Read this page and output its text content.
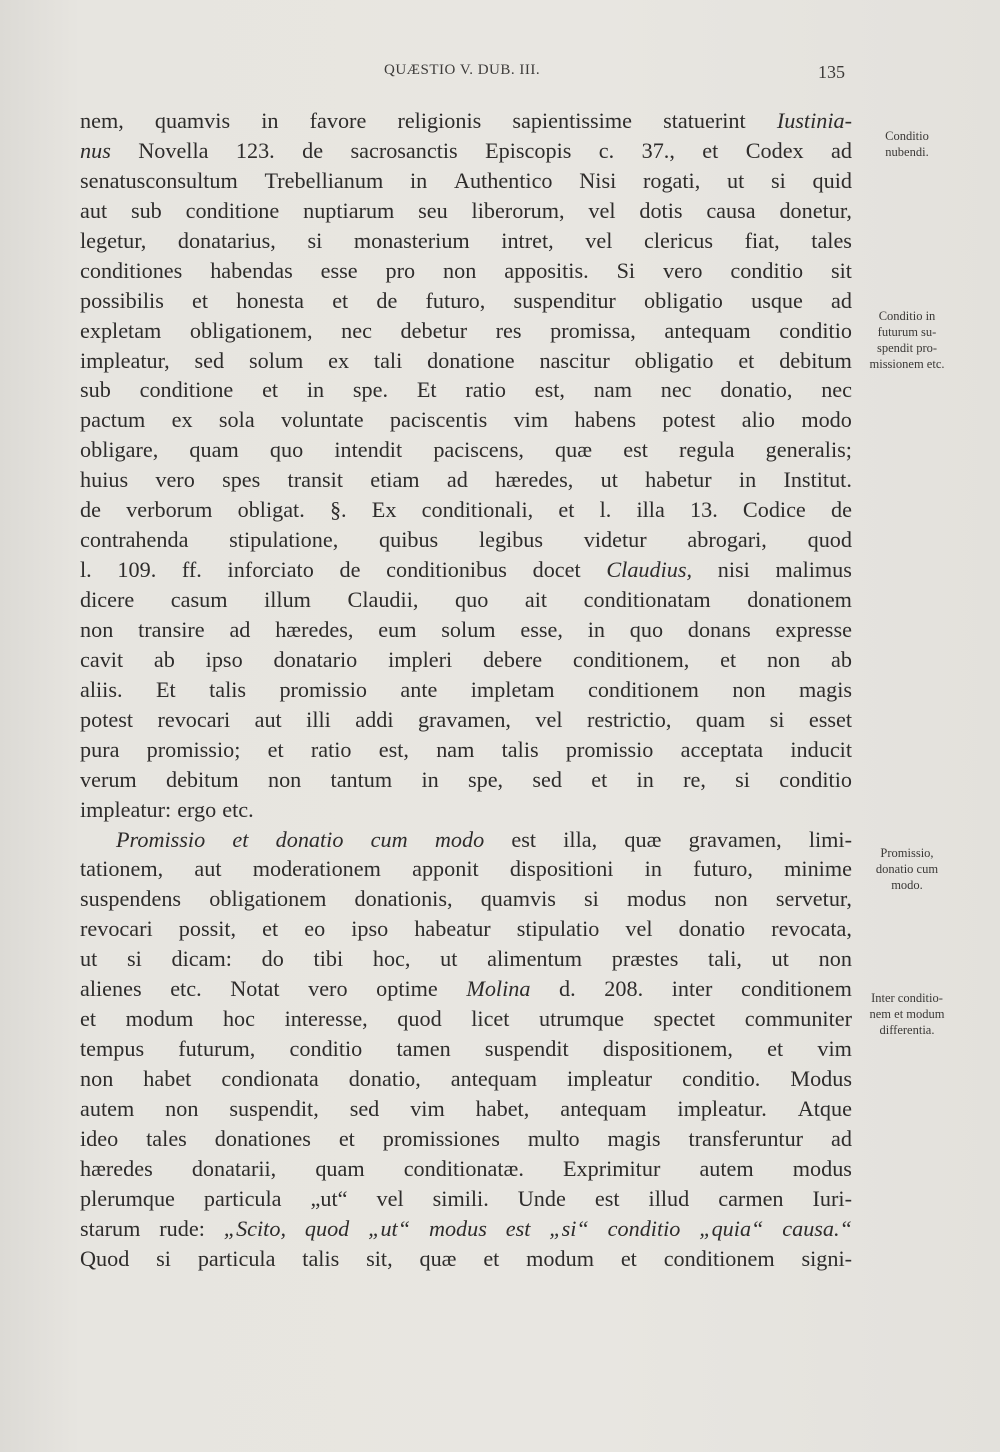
QUÆSTIO V. DUB. III.	135
nem, quamvis in favore religionis sapientissime statuerint Iustinia-
nus Novella 123. de sacrosanctis Episcopis c. 37., et Codex ad
senatusconsultum Trebellianum in Authentico Nisi rogati, ut si quid
aut sub conditione nuptiarum seu liberorum, vel dotis causa donetur,
legetur, donatarius, si monasterium intret, vel clericus fiat, tales
conditiones habendas esse pro non appositis. Si vero conditio sit
possibilis et honesta et de futuro, suspenditur obligatio usque ad
expletam obligationem, nec debetur res promissa, antequam conditio
impleatur, sed solum ex tali donatione nascitur obligatio et debitum
sub conditione et in spe. Et ratio est, nam nec donatio, nec
pactum ex sola voluntate paciscentis vim habens potest alio modo
obligare, quam quo intendit paciscens, quæ est regula generalis;
huius vero spes transit etiam ad hæredes, ut habetur in Institut.
de verborum obligat. §. Ex conditionali, et l. illa 13. Codice de
contrahenda stipulatione, quibus legibus videtur abrogari, quod
l. 109. ff. inforciato de conditionibus docet Claudius, nisi malimus
dicere casum illum Claudii, quo ait conditionatam donationem
non transire ad hæredes, eum solum esse, in quo donans expresse
cavit ab ipso donatario impleri debere conditionem, et non ab
aliis. Et talis promissio ante impletam conditionem non magis
potest revocari aut illi addi gravamen, vel restrictio, quam si esset
pura promissio; et ratio est, nam talis promissio acceptata inducit
verum debitum non tantum in spe, sed et in re, si conditio
impleatur: ergo etc.
Promissio et donatio cum modo est illa, quæ gravamen, limi-
tationem, aut moderationem apponit dispositioni in futuro, minime
suspendens obligationem donationis, quamvis si modus non servetur,
revocari possit, et eo ipso habeatur stipulatio vel donatio revocata,
ut si dicam: do tibi hoc, ut alimentum præstes tali, ut non
alienes etc. Notat vero optime Molina d. 208. inter conditionem
et modum hoc interesse, quod licet utrumque spectet communiter
tempus futurum, conditio tamen suspendit dispositionem, et vim
non habet condionata donatio, antequam impleatur conditio. Modus
autem non suspendit, sed vim habet, antequam impleatur. Atque
ideo tales donationes et promissiones multo magis transferuntur ad
hæredes donatarii, quam conditionatæ. Exprimitur autem modus
plerumque particula „ut“ vel simili. Unde est illud carmen Iuri-
starum rude: „Scito, quod „ut“ modus est „si“ conditio „quia“ causa.“
Quod si particula talis sit, quæ et modum et conditionem signi-
Conditio
nubendi.
Conditio in
futurum su-
spendit pro-
missionem etc.
Promissio,
donatio cum
modo.
Inter conditio-
nem et modum
differentia.
